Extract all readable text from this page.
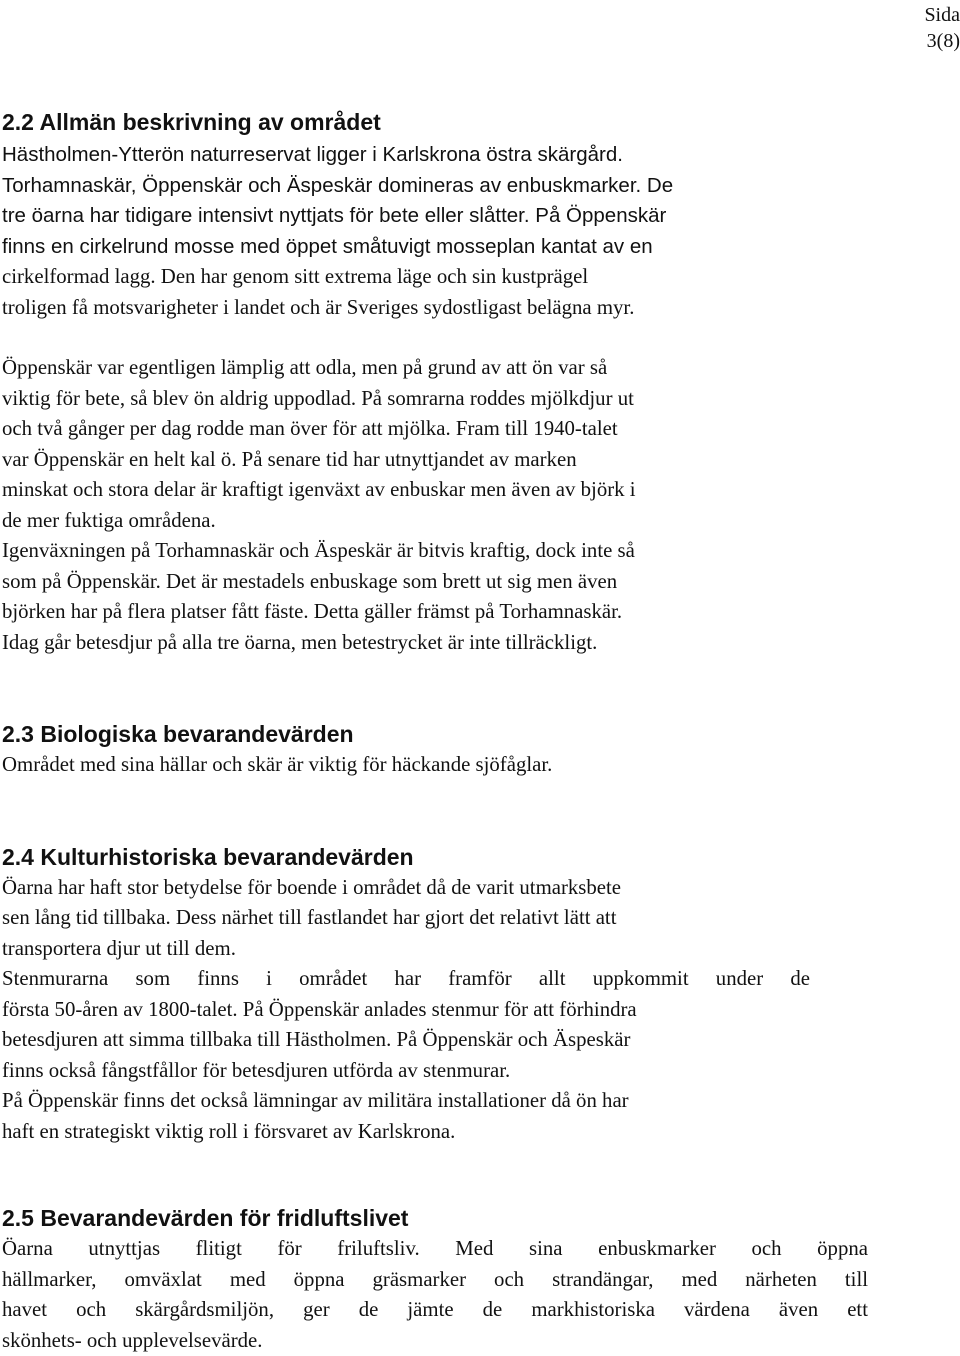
Sida
3(8)
2.2 Allmän beskrivning av området

Hästholmen-Ytterön naturreservat ligger i Karlskrona östra skärgård.
Torhamnaskär, Öppenskär och Äspeskär domineras av enbuskmarker. De
tre öarna har tidigare intensivt nyttjats för bete eller slåtter. På Öppenskär
finns en cirkelrund mosse med öppet småtuvigt mosseplan kantat av en

cirkelformad lagg. Den har genom sitt extrema läge och sin kustprägel
troligen få motsvarigheter i landet och är Sveriges sydostligast belägna myr.

Öppenskär var egentligen lämplig att odla, men på grund av att ön var så
viktig för bete, så blev ön aldrig uppodlad. På somrarna roddes mjölkdjur ut
och två gånger per dag rodde man över för att mjölka. Fram till 1940-talet
var Öppenskär en helt kal ö. På senare tid har utnyttjandet av marken
minskat och stora delar är kraftigt igenväxt av enbuskar men även av björk i
de mer fuktiga områdena.
Igenväxningen på Torhamnaskär och Äspeskär är bitvis kraftig, dock inte så
som på Öppenskär. Det är mestadels enbuskage som brett ut sig men även
björken har på flera platser fått fäste. Detta gäller främst på Torhamnaskär.
Idag går betesdjur på alla tre öarna, men betestrycket är inte tillräckligt.

2.3 Biologiska bevarandevärden

Området med sina hällar och skär är viktig för häckande sjöfåglar.

2.4 Kulturhistoriska bevarandevärden

Öarna har haft stor betydelse för boende i området då de varit utmarksbete
sen lång tid tillbaka. Dess närhet till fastlandet har gjort det relativt lätt att
transportera djur ut till dem.

Stenmurarna som finns i området har framför allt uppkommit under de
första 50-åren av 1800-talet. På Öppenskär anlades stenmur för att förhindra

betesdjuren att simma tillbaka till Hästholmen. På Öppenskär och Äspeskär
finns också fångstfållor för betesdjuren utförda av stenmurar.
På Öppenskär finns det också lämningar av militära installationer då ön har
haft en strategiskt viktig roll i försvaret av Karlskrona.

2.5 Bevarandevärden för fridluftslivet

Öarna utnyttjas flitigt för friluftsliv. Med sina enbuskmarker och öppna
hällmarker, omväxlat med öppna gräsmarker och strandängar, med närheten till
havet och skärgårdsmiljön, ger de jämte de markhistoriska värdena även ett
skönhets- och upplevelsevärde.
